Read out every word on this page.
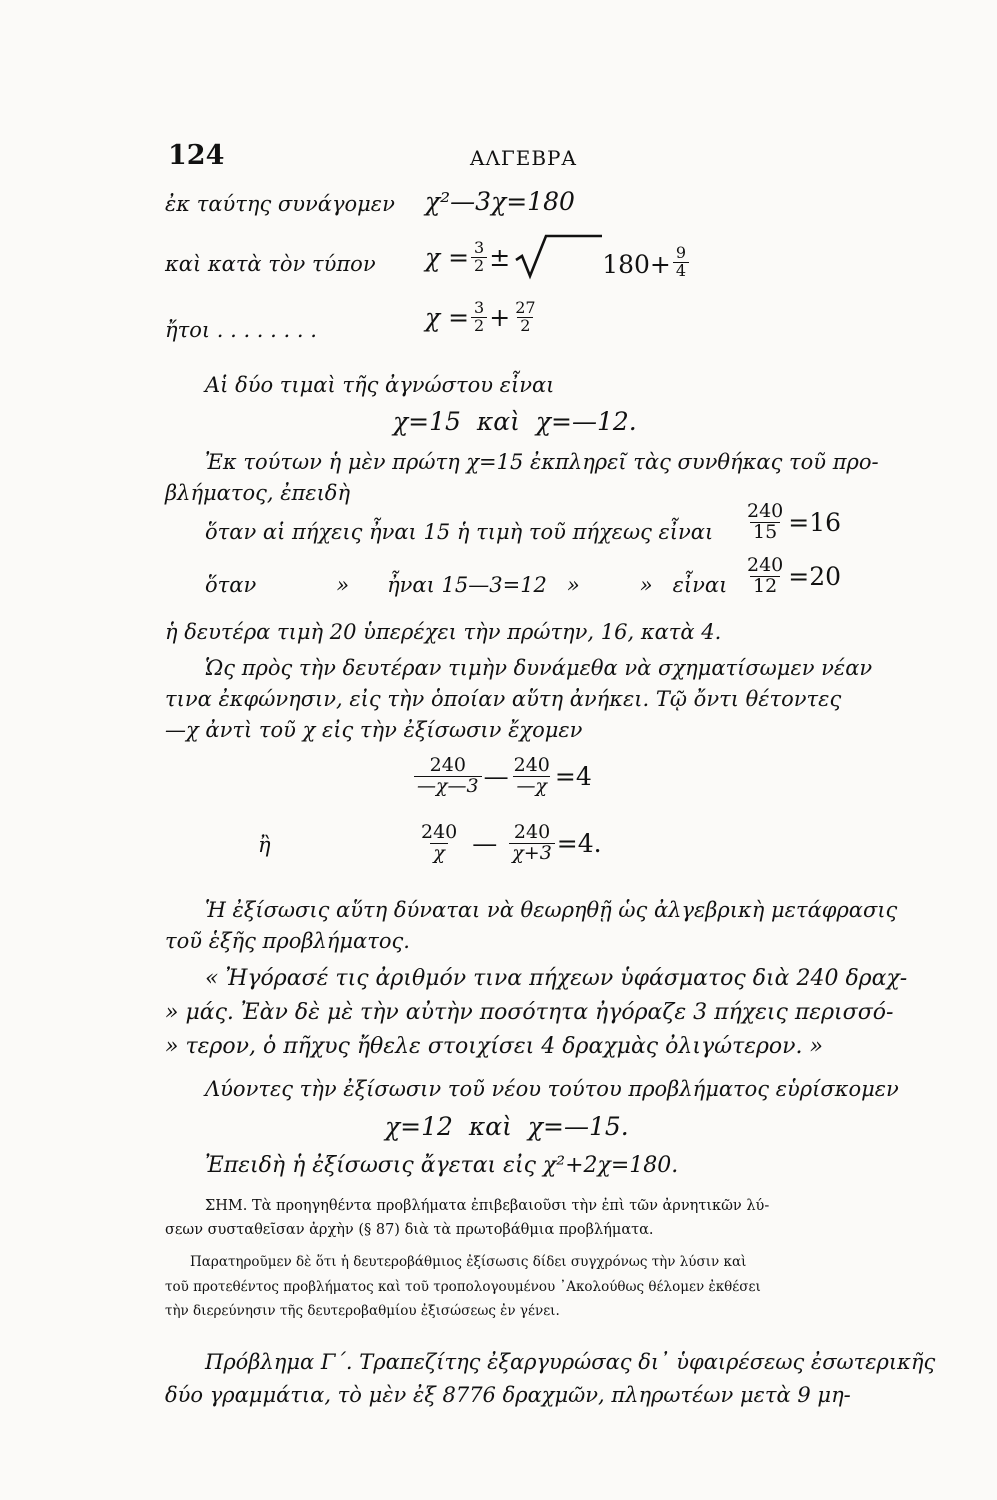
124	ΑΛΓΕΒΡΑ
ἐκ ταύτης συνάγομεν χ²—3χ=180
καὶ κατὰ τὸν τύπον $\chi = \frac{3}{2}$ ±	$180+ \frac{9}{4}$
ἤτοι . . . . . . . .	$\chi = \frac{3}{2} + \frac{27}{2}$
Αἱ δύο τιμαὶ τῆς ἀγνώστου εἶναι
χ=15 καὶ χ=—12.
Ἐκ τούτων ἡ μὲν πρώτη χ=15 ἐκπληρεῖ τὰς συνθήκας τοῦ προ-
βλήματος, ἐπειδὴ
ὅταν αἱ πήχεις ἦναι 15 ἡ τιμὴ τοῦ πήχεως εἶναι $\frac{240}{15} =16$
ὅταν	» ἦναι 15—3=12 »	» εἶναι $\frac{240}{12} =20$
ἡ δευτέρα τιμὴ 20 ὑπερέχει τὴν πρώτην, 16, κατὰ 4.
Ὡς πρὸς τὴν δευτέραν τιμὴν δυνάμεθα νὰ σχηματίσωμεν νέαν
τινα ἐκφώνησιν, εἰς τὴν ὁποίαν αὕτη ἀνήκει. Τῷ ὄντι θέτοντες
—χ ἀντὶ τοῦ χ εἰς τὴν ἐξίσωσιν ἔχομεν
$\frac{240}{—\chi—3}$ — $\frac{240}{—\chi} =4$
ἢ	$\frac{240}{\chi}$ — $\frac{240}{\chi+3} =4$.
Ἡ ἐξίσωσις αὕτη δύναται νὰ θεωρηθῇ ὡς ἀλγεβρικὴ μετάφρασις
τοῦ ἑξῆς προβλήματος.
« Ἠγόρασέ τις ἀριθμόν τινα πήχεων ὑφάσματος διὰ 240 δραχ-
» μάς. Ἐὰν δὲ μὲ τὴν αὐτὴν ποσότητα ἠγόραζε 3 πήχεις περισσό-
» τερον, ὁ πῆχυς ἤθελε στοιχίσει 4 δραχμὰς ὀλιγώτερον. »
Λύοντες τὴν ἐξίσωσιν τοῦ νέου τούτου προβλήματος εὑρίσκομεν
χ=12 καὶ χ=—15.
Ἐπειδὴ ἡ ἐξίσωσις ἄγεται εἰς χ²+2χ=180.
ΣΗΜ. Τὰ προηγηθέντα προβλήματα ἐπιβεβαιοῦσι τὴν ἐπὶ τῶν ἀρνητικῶν λύ-
σεων συσταθεῖσαν ἀρχὴν (§ 87) διὰ τὰ πρωτοβάθμια προβλήματα.
Παρατηροῦμεν δὲ ὅτι ἡ δευτεροβάθμιος ἐξίσωσις δίδει συγχρόνως τὴν λύσιν καὶ
τοῦ προτεθέντος προβλήματος καὶ τοῦ τροπολογουμένου ᾿Ακολούθως θέλομεν ἐκθέσει
τὴν διερεύνησιν τῆς δευτεροβαθμίου ἐξισώσεως ἐν γένει.
Πρόβλημα Γ΄. Τραπεζίτης ἐξαργυρώσας δι᾿ ὑφαιρέσεως ἐσωτερικῆς
δύο γραμμάτια, τὸ μὲν ἐξ 8776 δραχμῶν, πληρωτέων μετὰ 9 μη-
